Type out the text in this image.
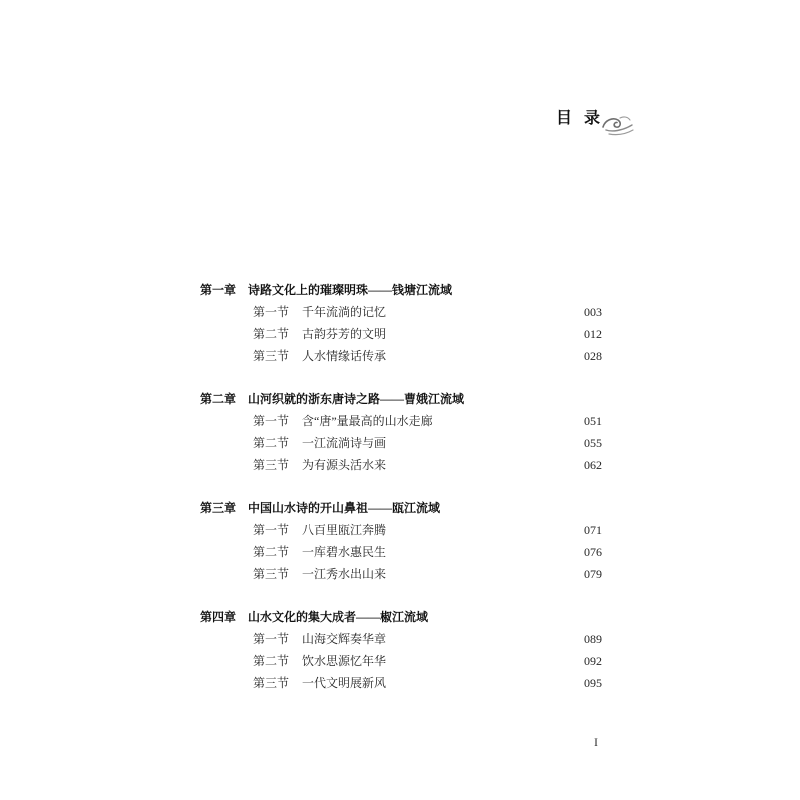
目 录
第一章 诗路文化上的璀璨明珠——钱塘江流域
第一节	千年流淌的记忆	003
第二节	古韵芬芳的文明	012
第三节	人水情缘话传承	028
第二章 山河织就的浙东唐诗之路——曹娥江流域
第一节	含“唐”量最高的山水走廊	051
第二节	一江流淌诗与画	055
第三节	为有源头活水来	062
第三章 中国山水诗的开山鼻祖——瓯江流域
第一节	八百里瓯江奔腾	071
第二节	一库碧水惠民生	076
第三节	一江秀水出山来	079
第四章 山水文化的集大成者——椒江流域
第一节	山海交辉奏华章	089
第二节	饮水思源忆年华	092
第三节	一代文明展新风	095
I
